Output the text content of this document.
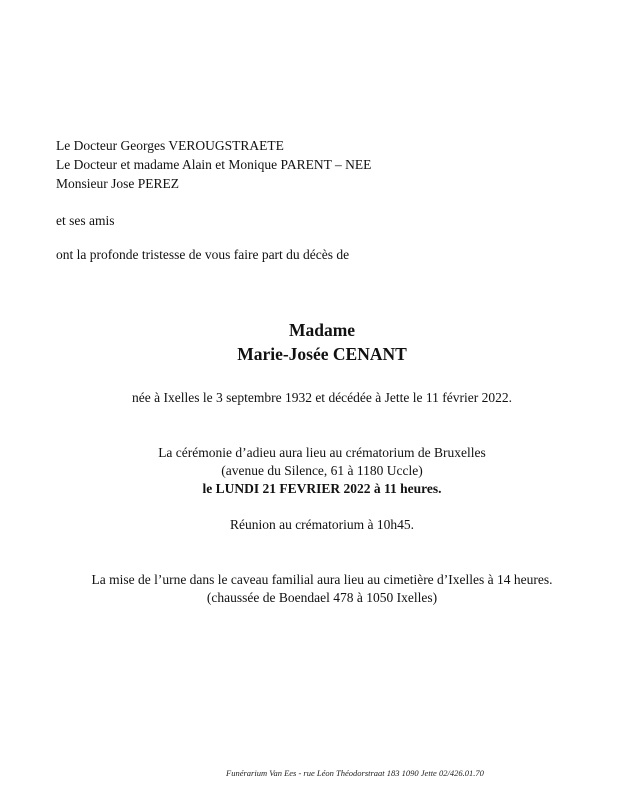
Le Docteur Georges VEROUGSTRAETE
Le Docteur et madame Alain et Monique PARENT – NEE
Monsieur Jose PEREZ
et ses amis
ont la profonde tristesse de vous faire part du décès de
Madame
Marie-Josée CENANT
née à Ixelles le 3 septembre 1932 et décédée à Jette le 11 février 2022.
La cérémonie d’adieu aura lieu au crématorium de Bruxelles
(avenue du Silence, 61 à 1180 Uccle)
le LUNDI 21 FEVRIER 2022 à 11 heures.
Réunion au crématorium à 10h45.
La mise de l’urne dans le caveau familial aura lieu au cimetière d’Ixelles à 14 heures.
(chaussée de Boendael 478 à 1050 Ixelles)
Funérarium Van Ees - rue Léon Théodorstraat 183 1090 Jette 02/426.01.70
